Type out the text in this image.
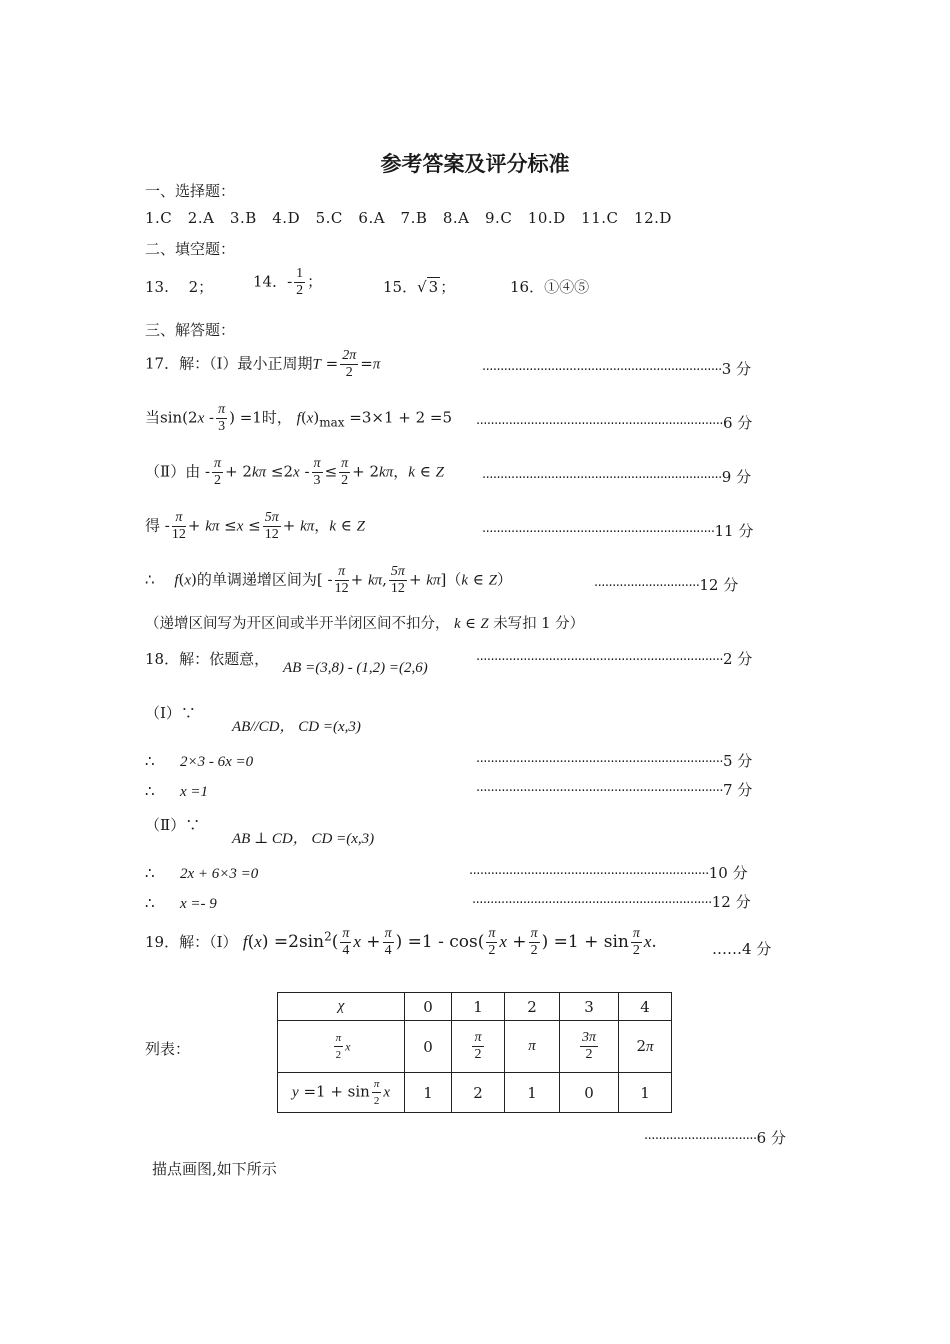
参考答案及评分标准
一、选择题：
1.C　2.A　3.B　4.D　5.C　6.A　7.B　8.A　9.C　10.D　11.C　12.D
二、填空题：
13.　 2；	14．- $\frac{1}{2}$ ；	15．√ 3 ；	16．①④⑤
三、解答题：
17．解：（Ⅰ）最小正周期$T = \frac{2\pi}{2} =\pi$	··································································3 分
当$\sin(2x - \frac{\pi}{3}$ ) =1时， $f(x)_{max} =3\times 1 + 2 =5 \cdot\cdot\cdot\cdot\cdot\cdot\cdot\cdot\cdot\cdot\cdot\cdot\cdot\cdot\cdot\cdot\cdot\cdot\cdot\cdot\cdot\cdot\cdot\cdot\cdot\cdot\cdot\cdot\cdot\cdot\cdot\cdot\cdot\cdot\cdot\cdot\cdot\cdot\cdot\cdot\cdot\cdot\cdot\cdot\cdot\cdot\cdot\cdot\cdot\cdot\cdot\cdot\cdot\cdot\cdot\cdot\cdot\cdot\cdot\cdot\cdot\cdot\cdot\cdot\cdot\cdot\cdot\cdot 6$ 分
（Ⅱ）由 - $\frac{\pi}{2} + 2k\pi \le 2x - \frac{\pi}{3} \le \frac{\pi}{2} + 2k\pi$，k ∈ Z	··································································9 分
得 - $\frac{\pi}{12} + k\pi \le x \le \frac{5\pi}{12} + k\pi$，k ∈ Z	································································11 分
∴　 f(x)的单调递增区间为[ - $\frac{\pi}{12} + k\pi$, $\frac{5\pi}{12} + k\pi](k$ ∈ Z）	·····························12 分
（递增区间写为开区间或半开半闭区间不扣分， k ∈ Z 未写扣 1 分）
18．解：依题意， AB =(3,8) - (1,2) =(2,6)	····································································2 分
（Ⅰ）∵
AB//CD， CD =(x,3)
∴ 2×3 - 6x =0	····································································5 分
∴ x =1	····································································7 分
（Ⅱ）∵
AB ⊥ CD， CD =(x,3)
∴ 2x + 6×3 =0	··································································10 分
∴ x =- 9	··································································12 分
19．解：（Ⅰ） $f(x) =2\sin^2( \frac{\pi}{4}$ $x + \frac{\pi}{4}$ ) $=1 - \cos( \frac{\pi}{2}$ $x + \frac{\pi}{2}$ ) $=1 + \sin \frac{\pi}{2} x$.	……4 分
列表：
χ	0	1	2	3	4

$\frac{\pi}{2}$ x	0	$\frac{\pi}{2}$	π	$\frac{3\pi}{2}$	2π
$y =1 + \sin \frac{\pi}{2}$ x	1	2	1	0	1
·······························6 分
描点画图,如下所示
